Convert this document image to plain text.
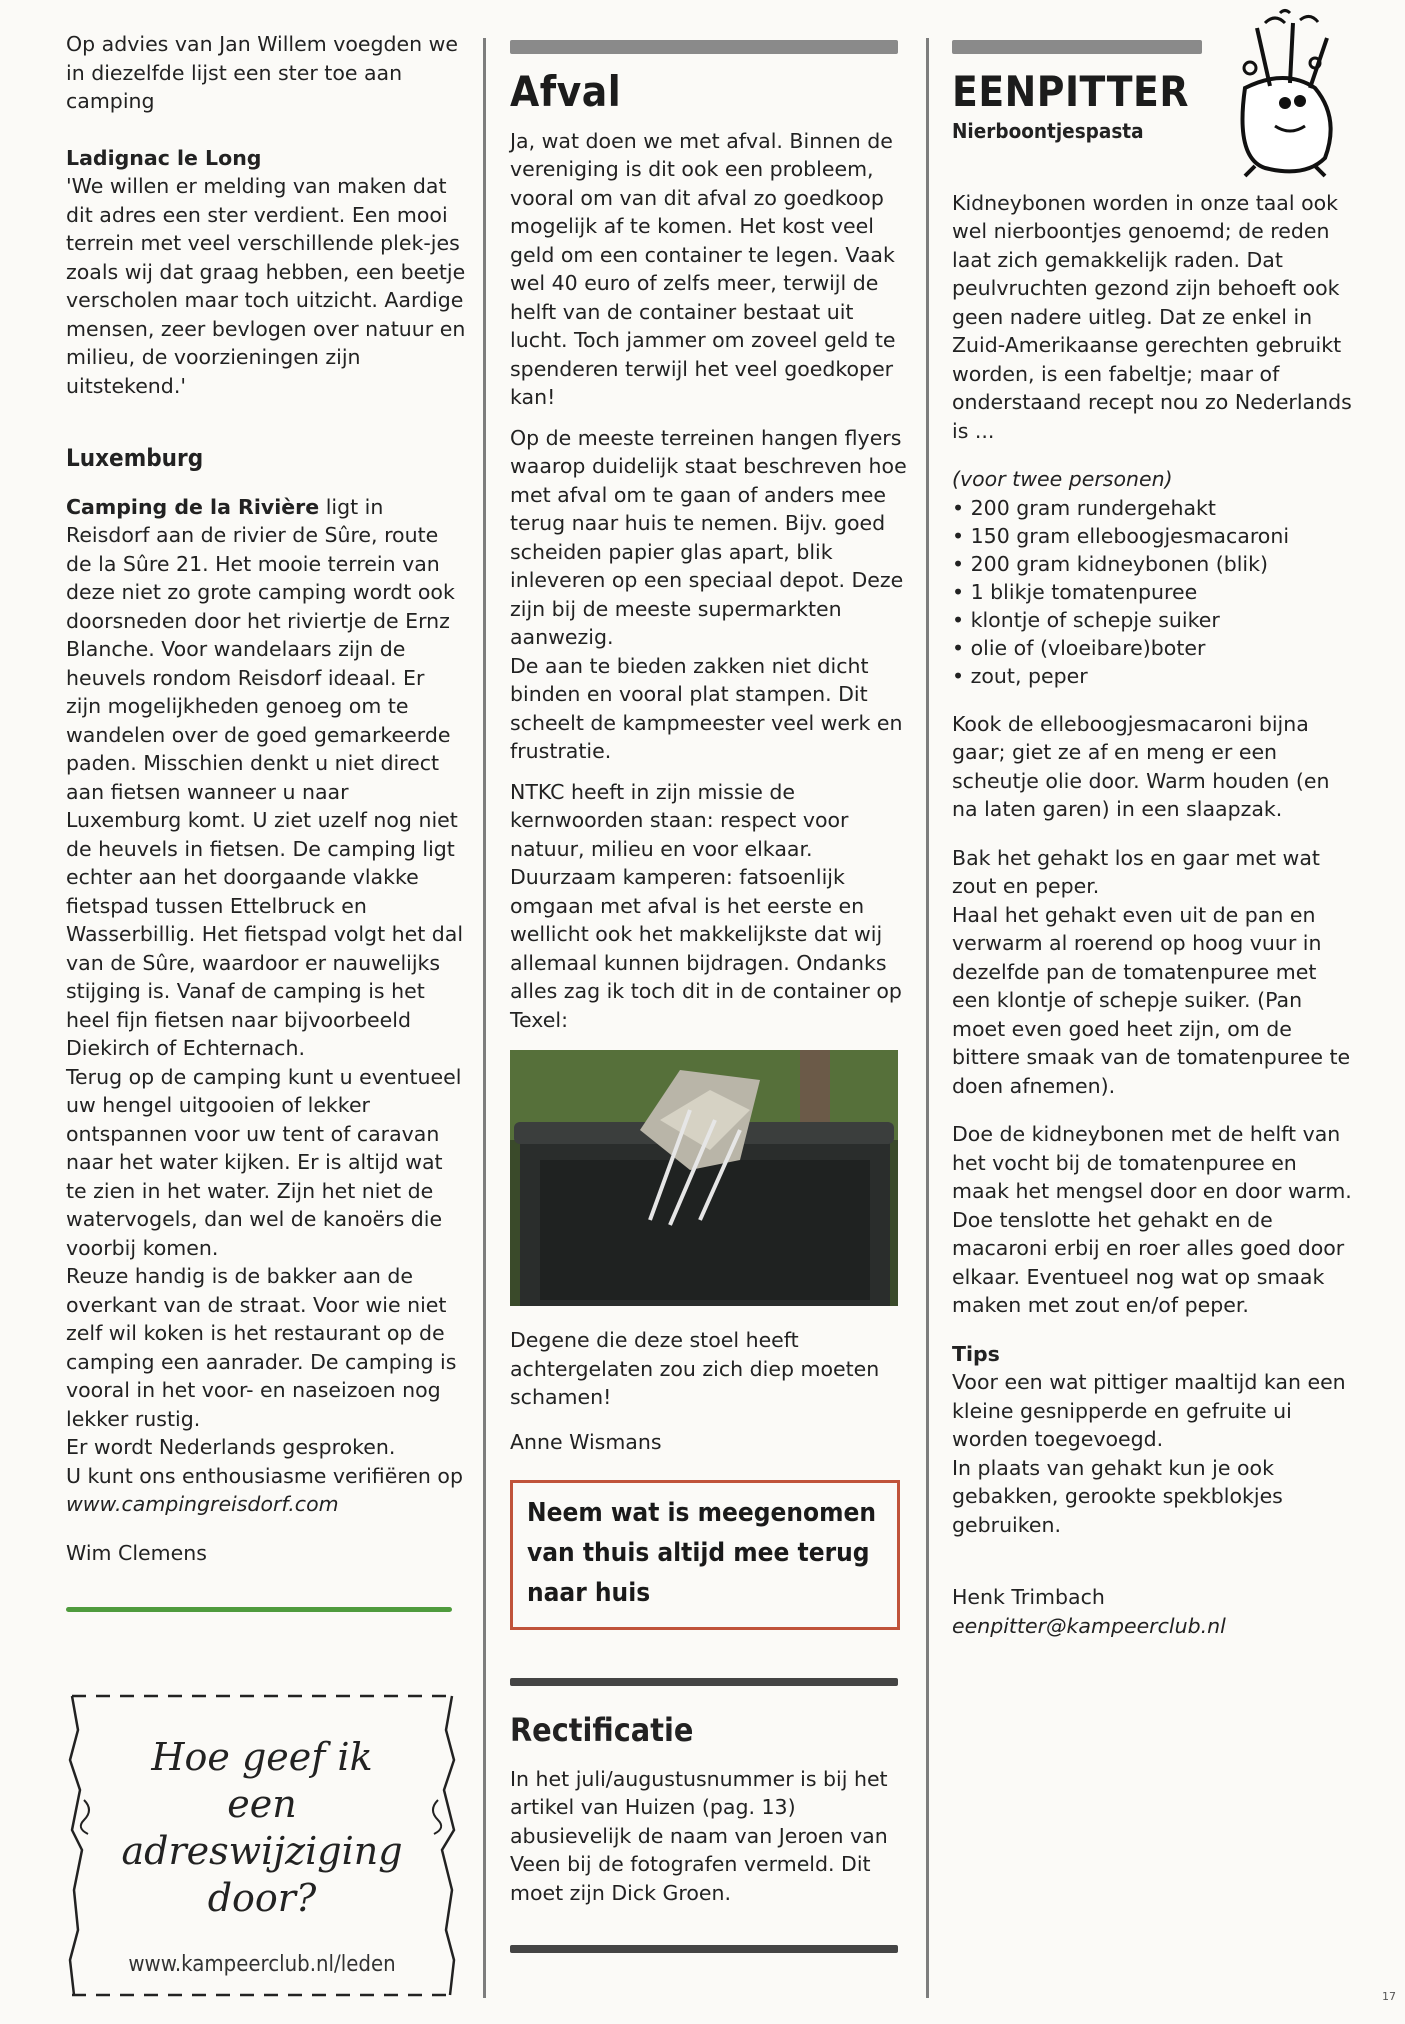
Op advies van Jan Willem voegden we in diezelfde lijst een ster toe aan camping

Ladignac le Long

'We willen er melding van maken dat dit adres een ster verdient. Een mooi terrein met veel verschillende plek-jes zoals wij dat graag hebben, een beetje verscholen maar toch uitzicht. Aardige mensen, zeer bevlogen over natuur en milieu, de voorzieningen zijn uitstekend.'

Luxemburg

Camping de la Rivière ligt in Reisdorf aan de rivier de Sûre, route de la Sûre 21. Het mooie terrein van deze niet zo grote camping wordt ook doorsneden door het riviertje de Ernz Blanche. Voor wandelaars zijn de heuvels rondom Reisdorf ideaal. Er zijn mogelijkheden genoeg om te wandelen over de goed gemarkeerde paden. Misschien denkt u niet direct aan fietsen wanneer u naar Luxemburg komt. U ziet uzelf nog niet de heuvels in fietsen. De camping ligt echter aan het doorgaande vlakke fietspad tussen Ettelbruck en Wasserbillig. Het fietspad volgt het dal van de Sûre, waardoor er nauwelijks stijging is. Vanaf de camping is het heel fijn fietsen naar bijvoorbeeld Diekirch of Echternach.

Terug op de camping kunt u eventueel uw hengel uitgooien of lekker ontspannen voor uw tent of caravan naar het water kijken. Er is altijd wat te zien in het water. Zijn het niet de watervogels, dan wel de kanoërs die voorbij komen.

Reuze handig is de bakker aan de overkant van de straat. Voor wie niet zelf wil koken is het restaurant op de camping een aanrader. De camping is vooral in het voor- en naseizoen nog lekker rustig.

Er wordt Nederlands gesproken.

U kunt ons enthousiasme verifiëren op www.campingreisdorf.com

Wim Clemens

Hoe geef ik
een
adreswijziging
door?
www.kampeerclub.nl/leden

Afval

Ja, wat doen we met afval. Binnen de vereniging is dit ook een probleem, vooral om van dit afval zo goedkoop mogelijk af te komen. Het kost veel geld om een container te legen. Vaak wel 40 euro of zelfs meer, terwijl de helft van de container bestaat uit lucht. Toch jammer om zoveel geld te spenderen terwijl het veel goedkoper kan!

Op de meeste terreinen hangen flyers waarop duidelijk staat beschreven hoe met afval om te gaan of anders mee terug naar huis te nemen. Bijv. goed scheiden papier glas apart, blik inleveren op een speciaal depot. Deze zijn bij de meeste supermarkten aanwezig.

De aan te bieden zakken niet dicht binden en vooral plat stampen. Dit scheelt de kampmeester veel werk en frustratie.

NTKC heeft in zijn missie de kernwoorden staan: respect voor natuur, milieu en voor elkaar.

Duurzaam kamperen: fatsoenlijk omgaan met afval is het eerste en wellicht ook het makkelijkste dat wij allemaal kunnen bijdragen. Ondanks alles zag ik toch dit in de container op Texel:

Degene die deze stoel heeft achtergelaten zou zich diep moeten schamen!

Anne Wismans

Neem wat is meegenomen van thuis altijd mee terug naar huis

Rectificatie

In het juli/augustusnummer is bij het artikel van Huizen (pag. 13) abusievelijk de naam van Jeroen van Veen bij de fotografen vermeld. Dit moet zijn Dick Groen.

EENPITTER

Nierboontjespasta

Kidneybonen worden in onze taal ook wel nierboontjes genoemd; de reden laat zich gemakkelijk raden. Dat peulvruchten gezond zijn behoeft ook geen nadere uitleg. Dat ze enkel in Zuid-Amerikaanse gerechten gebruikt worden, is een fabeltje; maar of onderstaand recept nou zo Nederlands is ...

(voor twee personen)

• 200 gram rundergehakt
• 150 gram elleboogjesmacaroni
• 200 gram kidneybonen (blik)
• 1 blikje tomatenpuree
• klontje of schepje suiker
• olie of (vloeibare)boter
• zout, peper

Kook de elleboogjesmacaroni bijna gaar; giet ze af en meng er een scheutje olie door. Warm houden (en na laten garen) in een slaapzak.

Bak het gehakt los en gaar met wat zout en peper.

Haal het gehakt even uit de pan en verwarm al roerend op hoog vuur in dezelfde pan de tomatenpuree met een klontje of schepje suiker. (Pan moet even goed heet zijn, om de bittere smaak van de tomatenpuree te doen afnemen).

Doe de kidneybonen met de helft van het vocht bij de tomatenpuree en maak het mengsel door en door warm. Doe tenslotte het gehakt en de macaroni erbij en roer alles goed door elkaar. Eventueel nog wat op smaak maken met zout en/of peper.

Tips

Voor een wat pittiger maaltijd kan een kleine gesnipperde en gefruite ui worden toegevoegd.

In plaats van gehakt kun je ook gebakken, gerookte spekblokjes gebruiken.

Henk Trimbach

eenpitter@kampeerclub.nl

17
